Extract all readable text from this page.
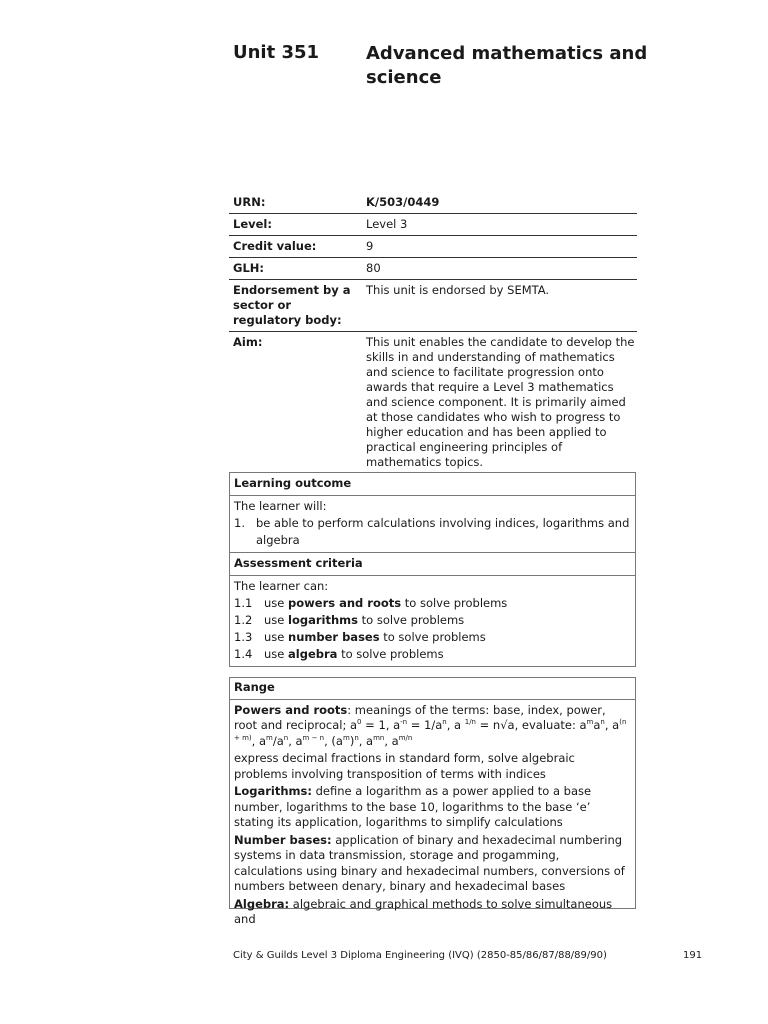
Unit 351	Advanced mathematics and science
URN:	K/503/0449
Level:	Level 3
Credit value:	9
GLH:	80
Endorsement by a sector or regulatory body:
This unit is endorsed by SEMTA.
Aim:	This unit enables the candidate to develop the skills in and understanding of mathematics and science to facilitate progression onto awards that require a Level 3 mathematics and science component. It is primarily aimed at those candidates who wish to progress to higher education and has been applied to practical engineering principles of mathematics topics.
Learning outcome
The learner will:
1. be able to perform calculations involving indices, logarithms and algebra
Assessment criteria
The learner can:
1.1	use powers and roots to solve problems
1.2	use logarithms to solve problems
1.3	use number bases to solve problems
1.4	use algebra to solve problems
Range

Powers and roots: meanings of the terms: base, index, power, root and reciprocal; $a^0 = 1$, $a^{-n} = 1/a^n$, a $^{1/n}$ = n√a, evaluate: $a^ma^n$, $a^{(n + m)}$, $a^m/a^n$, $a^{m - n}$, $(a^m)^n$, $a^{mn}$, $a^{m/n}$

express decimal fractions in standard form, solve algebraic problems involving transposition of terms with indices

Logarithms: define a logarithm as a power applied to a base number, logarithms to the base 10, logarithms to the base ‘e’ stating its application, logarithms to simplify calculations

Number bases: application of binary and hexadecimal numbering systems in data transmission, storage and progamming, calculations using binary and hexadecimal numbers, conversions of numbers between denary, binary and hexadecimal bases

Algebra: algebraic and graphical methods to solve simultaneous and

City & Guilds Level 3 Diploma Engineering (IVQ) (2850-85/86/87/88/89/90)	191
